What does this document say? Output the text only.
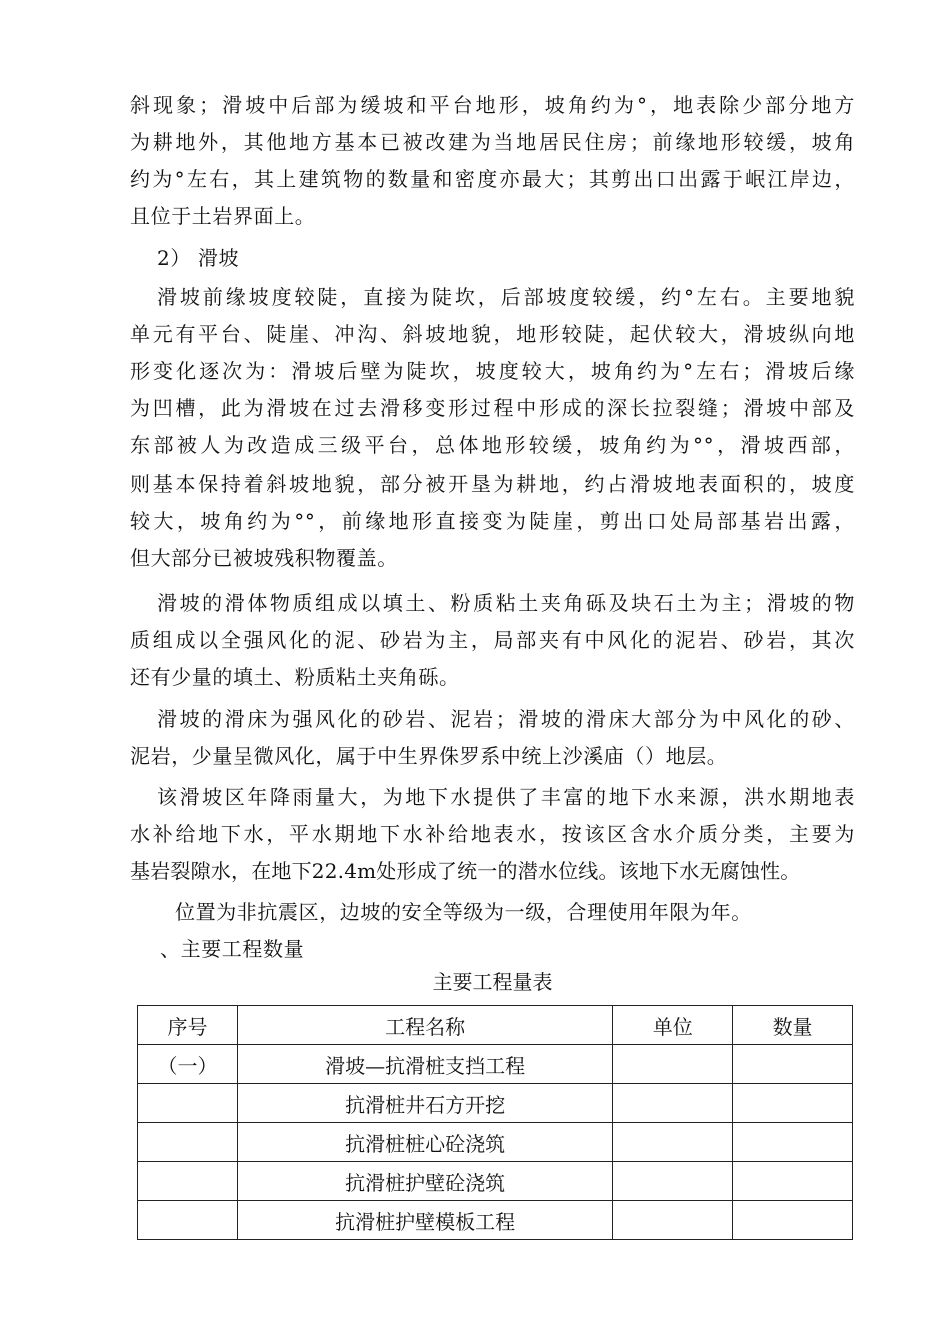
斜现象；滑坡中后部为缓坡和平台地形，坡角约为°，地表除少部分地方
为耕地外，其他地方基本已被改建为当地居民住房；前缘地形较缓，坡角
约为°左右，其上建筑物的数量和密度亦最大；其剪出口出露于岷江岸边，
且位于土岩界面上。
2） 滑坡
滑坡前缘坡度较陡，直接为陡坎，后部坡度较缓，约°左右。主要地貌
单元有平台、陡崖、冲沟、斜坡地貌，地形较陡，起伏较大，滑坡纵向地
形变化逐次为：滑坡后壁为陡坎，坡度较大，坡角约为°左右；滑坡后缘
为凹槽，此为滑坡在过去滑移变形过程中形成的深长拉裂缝；滑坡中部及
东部被人为改造成三级平台，总体地形较缓，坡角约为°°，滑坡西部，
则基本保持着斜坡地貌，部分被开垦为耕地，约占滑坡地表面积的，坡度
较大，坡角约为°°，前缘地形直接变为陡崖，剪出口处局部基岩出露，
但大部分已被坡残积物覆盖。
滑坡的滑体物质组成以填土、粉质粘土夹角砾及块石土为主；滑坡的物
质组成以全强风化的泥、砂岩为主，局部夹有中风化的泥岩、砂岩，其次
还有少量的填土、粉质粘土夹角砾。
滑坡的滑床为强风化的砂岩、泥岩；滑坡的滑床大部分为中风化的砂、
泥岩，少量呈微风化，属于中生界侏罗系中统上沙溪庙（）地层。
该滑坡区年降雨量大，为地下水提供了丰富的地下水来源，洪水期地表
水补给地下水，平水期地下水补给地表水，按该区含水介质分类，主要为
基岩裂隙水，在地下22.4m处形成了统一的潜水位线。该地下水无腐蚀性。
位置为非抗震区，边坡的安全等级为一级，合理使用年限为年。
、主要工程数量
主要工程量表
序号	工程名称	单位	数量
（一）	滑坡—抗滑桩支挡工程		
	抗滑桩井石方开挖		
	抗滑桩桩心砼浇筑		
	抗滑桩护壁砼浇筑		
	抗滑桩护壁模板工程		
